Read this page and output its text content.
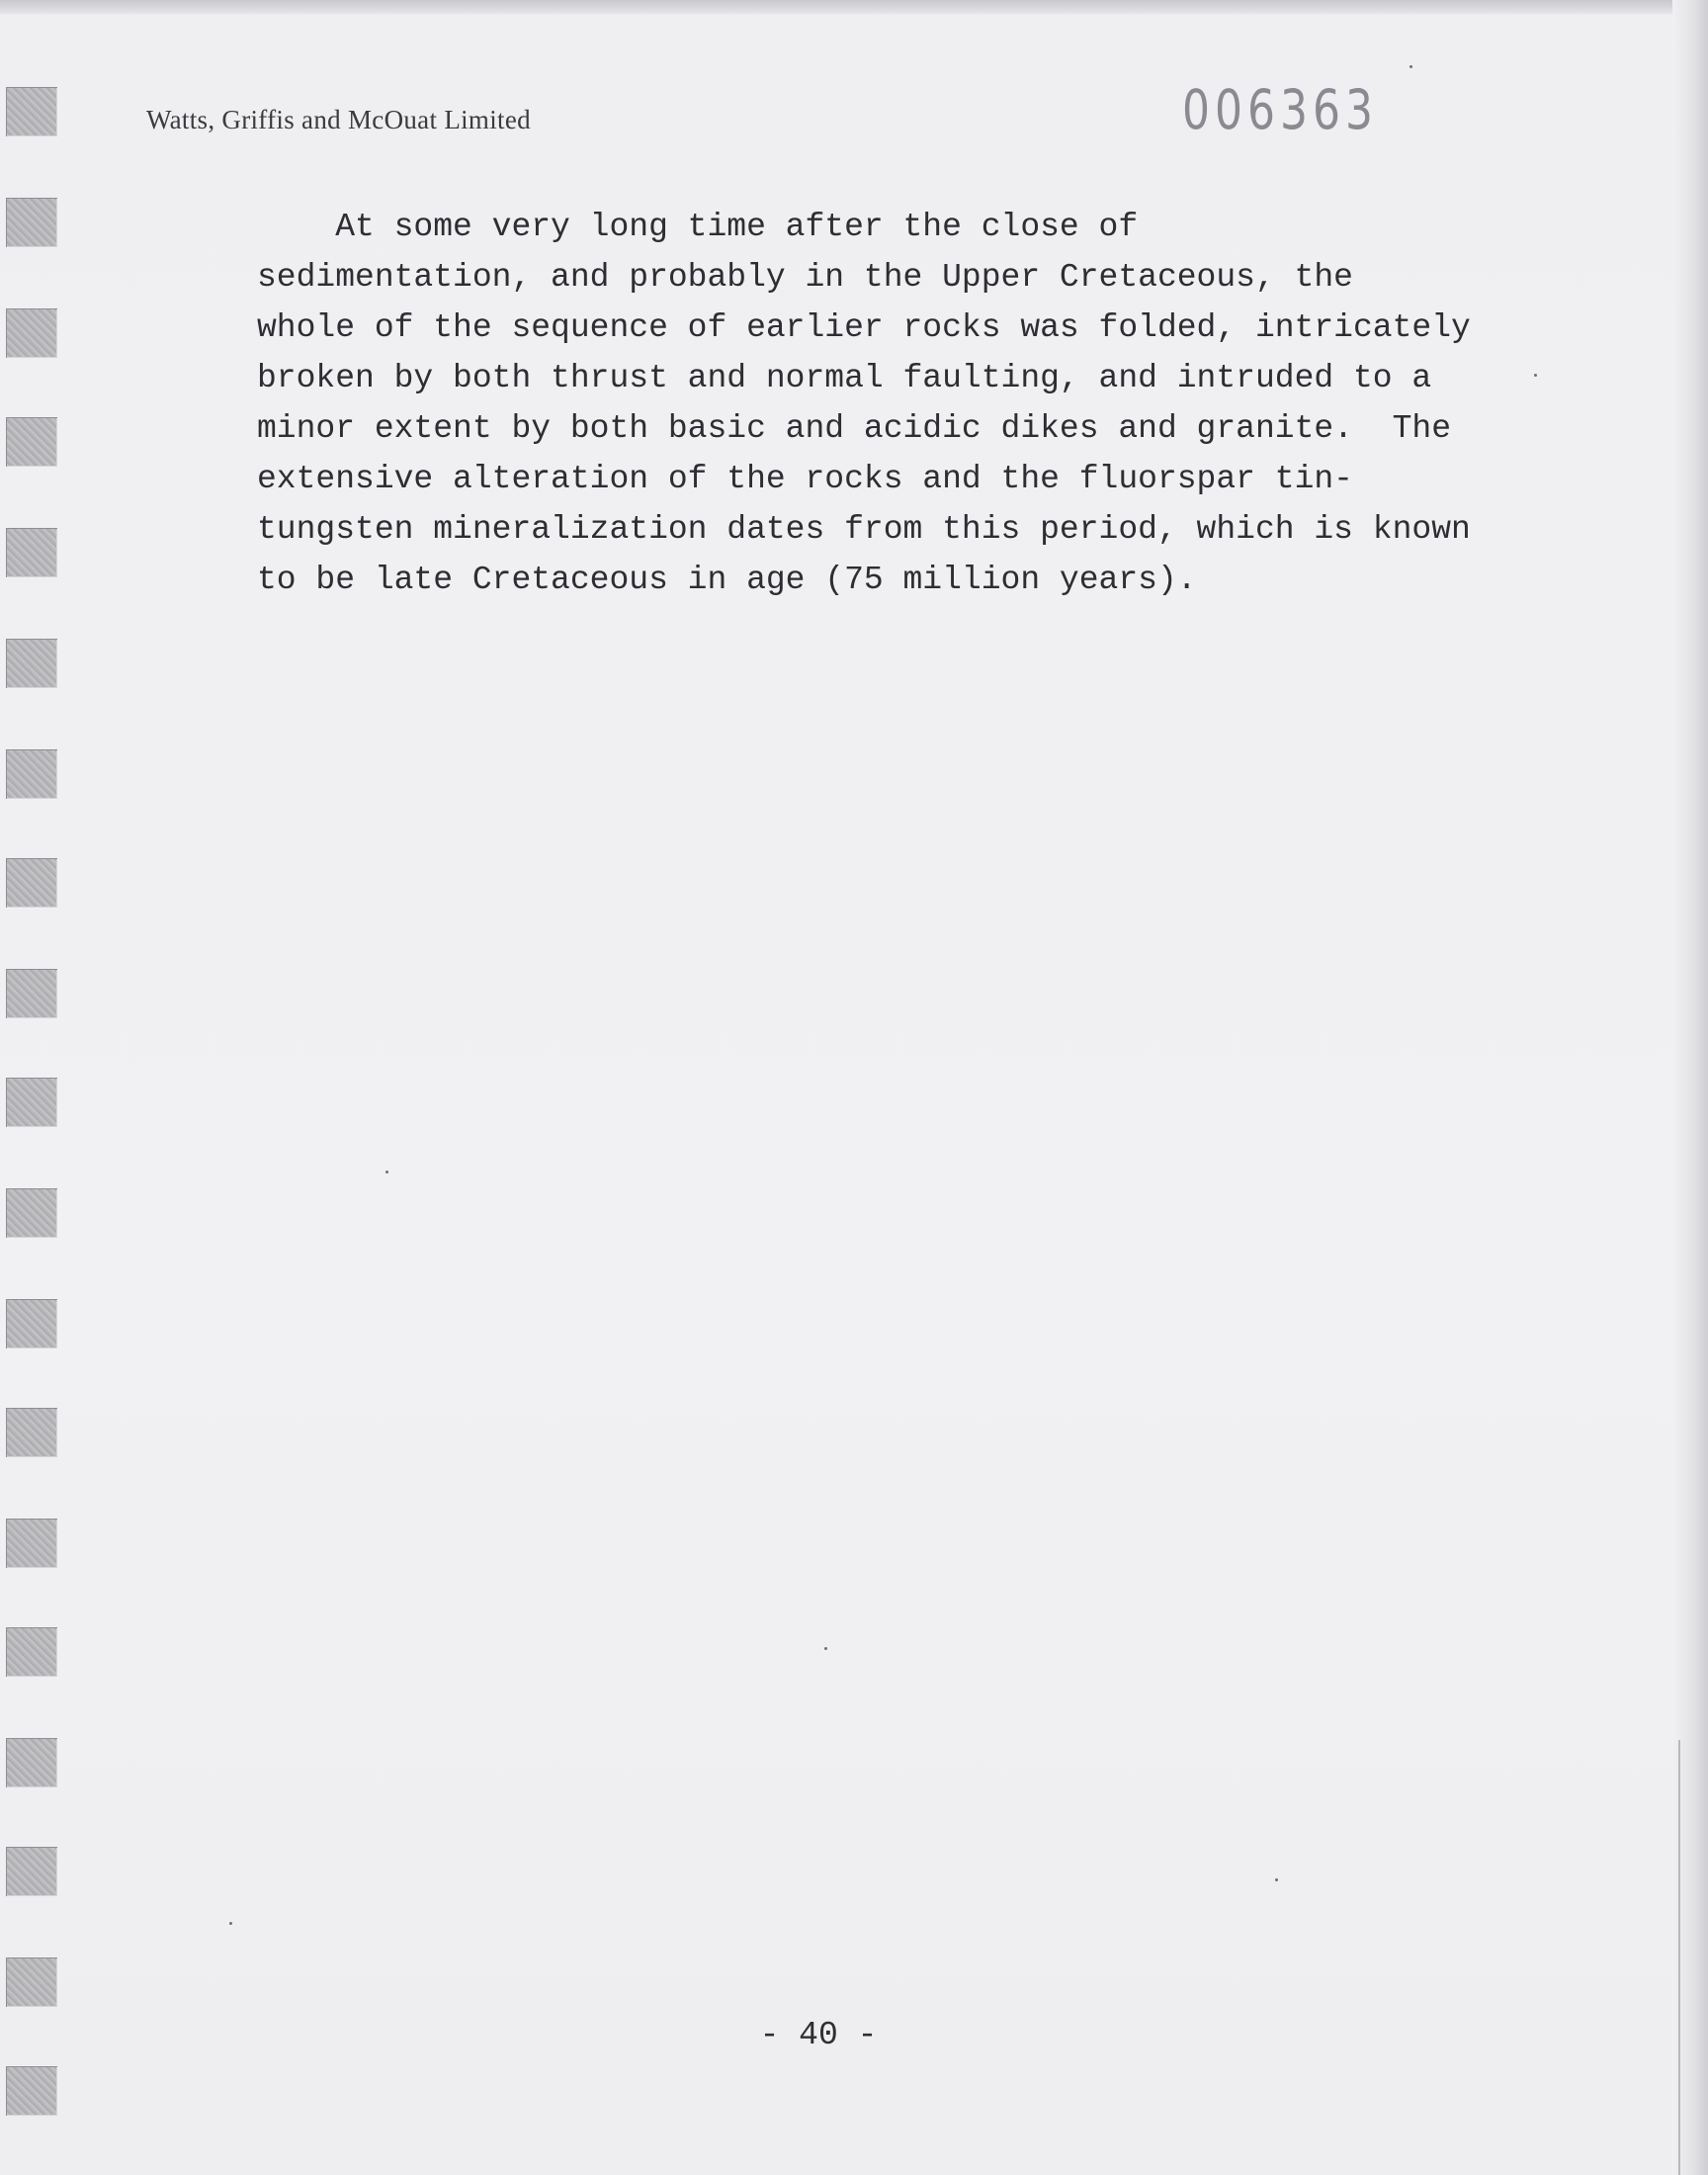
Watts, Griffis and McOuat Limited	006363

At some very long time after the close of
sedimentation, and probably in the Upper Cretaceous, the
whole of the sequence of earlier rocks was folded, intricately
broken by both thrust and normal faulting, and intruded to a
minor extent by both basic and acidic dikes and granite.  The
extensive alteration of the rocks and the fluorspar tin-
tungsten mineralization dates from this period, which is known
to be late Cretaceous in age (75 million years).

- 40 -
